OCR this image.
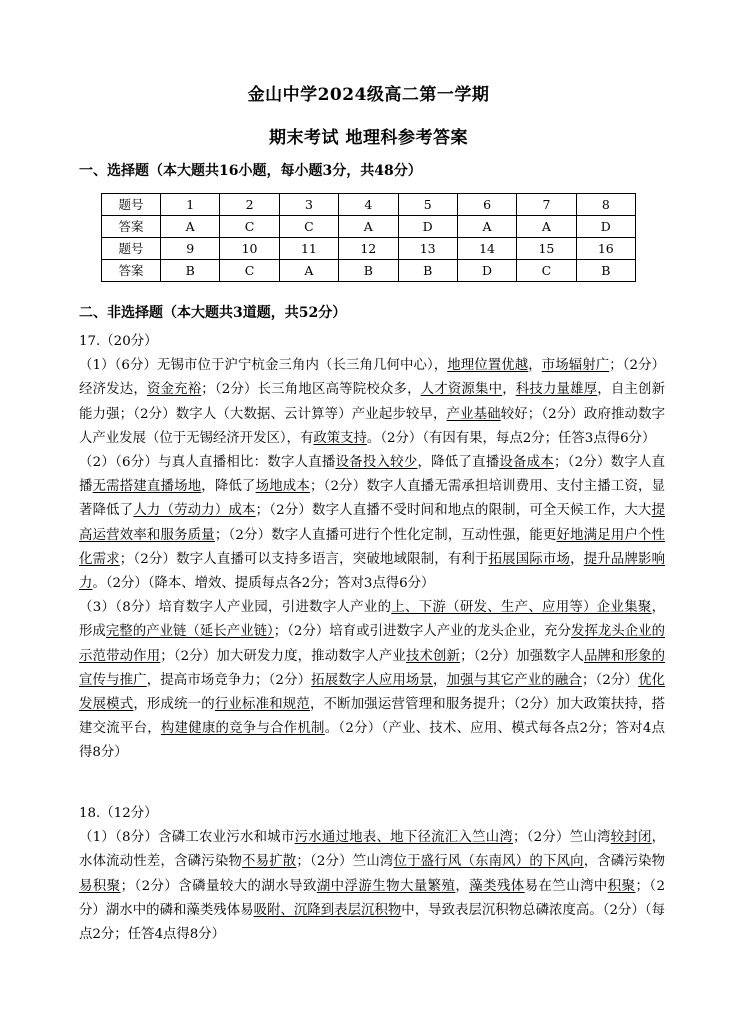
金山中学2024级高二第一学期
期末考试 地理科参考答案
一、选择题（本大题共16小题，每小题3分，共48分）
题号	1	2	3	4	5	6	7	8
答案	A	C	C	A	D	A	A	D
题号	9	10	11	12	13	14	15	16
答案	B	C	A	B	B	D	C	B
二、非选择题（本大题共3道题，共52分）

17.（20分）

（1）（6分）无锡市位于沪宁杭金三角内（长三角几何中心），地理位置优越，市场辐射广；（2分）经济发达，资金充裕；（2分）长三角地区高等院校众多，人才资源集中，科技力量雄厚，自主创新能力强；（2分）数字人（大数据、云计算等）产业起步较早，产业基础较好；（2分）政府推动数字人产业发展（位于无锡经济开发区），有政策支持。（2分）（有因有果，每点2分；任答3点得6分）

（2）（6分）与真人直播相比：数字人直播设备投入较少，降低了直播设备成本；（2分）数字人直播无需搭建直播场地，降低了场地成本；（2分）数字人直播无需承担培训费用、支付主播工资，显著降低了人力（劳动力）成本；（2分）数字人直播不受时间和地点的限制，可全天候工作，大大提高运营效率和服务质量；（2分）数字人直播可进行个性化定制，互动性强，能更好地满足用户个性化需求；（2分）数字人直播可以支持多语言，突破地域限制，有利于拓展国际市场，提升品牌影响力。（2分）（降本、增效、提质每点各2分；答对3点得6分）

（3）（8分）培育数字人产业园，引进数字人产业的上、下游（研发、生产、应用等）企业集聚，形成完整的产业链（延长产业链）；（2分）培育或引进数字人产业的龙头企业，充分发挥龙头企业的示范带动作用；（2分）加大研发力度，推动数字人产业技术创新；（2分）加强数字人品牌和形象的宣传与推广，提高市场竞争力；（2分）拓展数字人应用场景，加强与其它产业的融合；（2分）优化发展模式，形成统一的行业标准和规范，不断加强运营管理和服务提升；（2分）加大政策扶持，搭建交流平台，构建健康的竞争与合作机制。（2分）（产业、技术、应用、模式每各点2分；答对4点得8分）

18.（12分）

（1）（8分）含磷工农业污水和城市污水通过地表、地下径流汇入竺山湾；（2分）竺山湾较封闭，水体流动性差，含磷污染物不易扩散；（2分）竺山湾位于盛行风（东南风）的下风向，含磷污染物易积聚；（2分）含磷量较大的湖水导致湖中浮游生物大量繁殖，藻类残体易在竺山湾中积聚；（2分）湖水中的磷和藻类残体易吸附、沉降到表层沉积物中，导致表层沉积物总磷浓度高。（2分）（每点2分；任答4点得8分）
